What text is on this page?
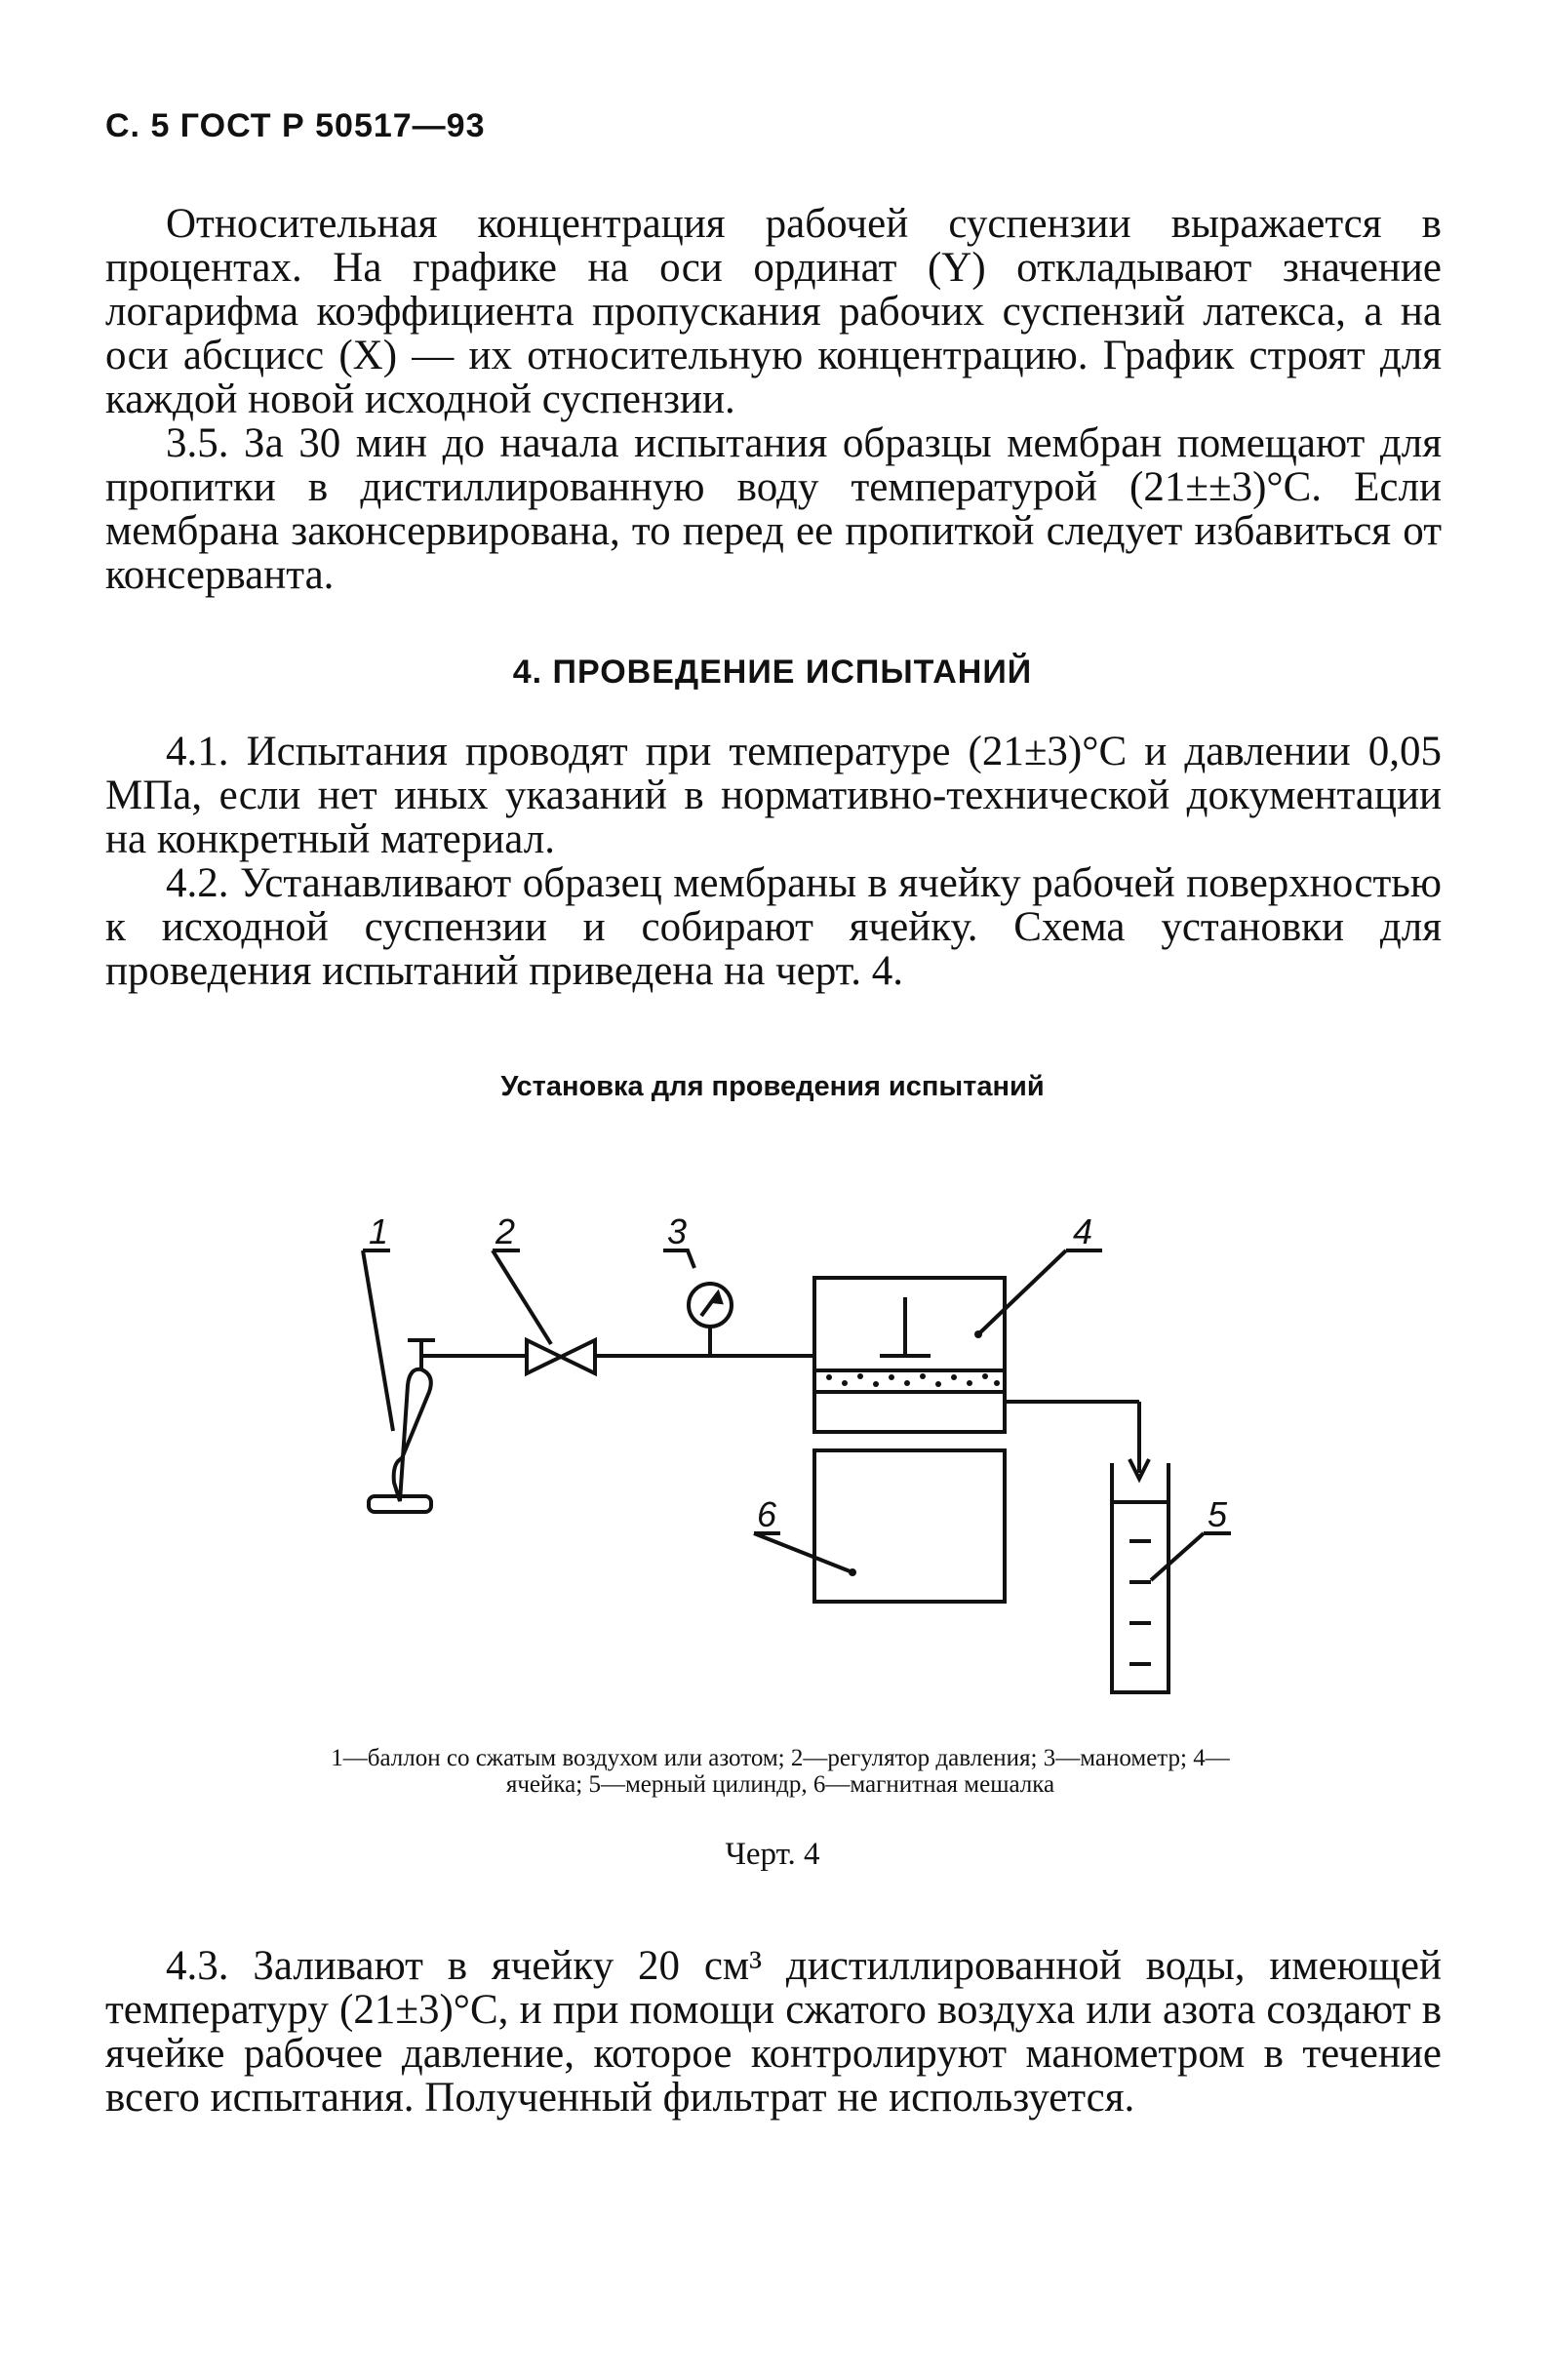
С. 5 ГОСТ Р 50517—93

Относительная концентрация рабочей суспензии выражается в процентах. На графике на оси ординат (Y) откладывают значение логарифма коэффициента пропускания рабочих суспензий латекса, а на оси абсцисс (X) — их относительную концентрацию. График строят для каждой новой исходной суспензии.

3.5. За 30 мин до начала испытания образцы мембран помещают для пропитки в дистиллированную воду температурой (21±±3)°С. Если мембрана законсервирована, то перед ее пропиткой следует избавиться от консерванта.

4. ПРОВЕДЕНИЕ ИСПЫТАНИЙ

4.1. Испытания проводят при температуре (21±3)°С и давлении 0,05 МПа, если нет иных указаний в нормативно-технической документации на конкретный материал.

4.2. Устанавливают образец мембраны в ячейку рабочей поверхностью к исходной суспензии и собирают ячейку. Схема установки для проведения испытаний приведена на черт. 4.

Установка для проведения испытаний
1	2	3	4
5
6
1—баллон со сжатым воздухом или азотом; 2—регулятор давления; 3—манометр; 4—ячейка; 5—мерный цилиндр, 6—магнитная мешалка
Черт. 4

4.3. Заливают в ячейку 20 см³ дистиллированной воды, имеющей температуру (21±3)°С, и при помощи сжатого воздуха или азота создают в ячейке рабочее давление, которое контролируют манометром в течение всего испытания. Полученный фильтрат не используется.
